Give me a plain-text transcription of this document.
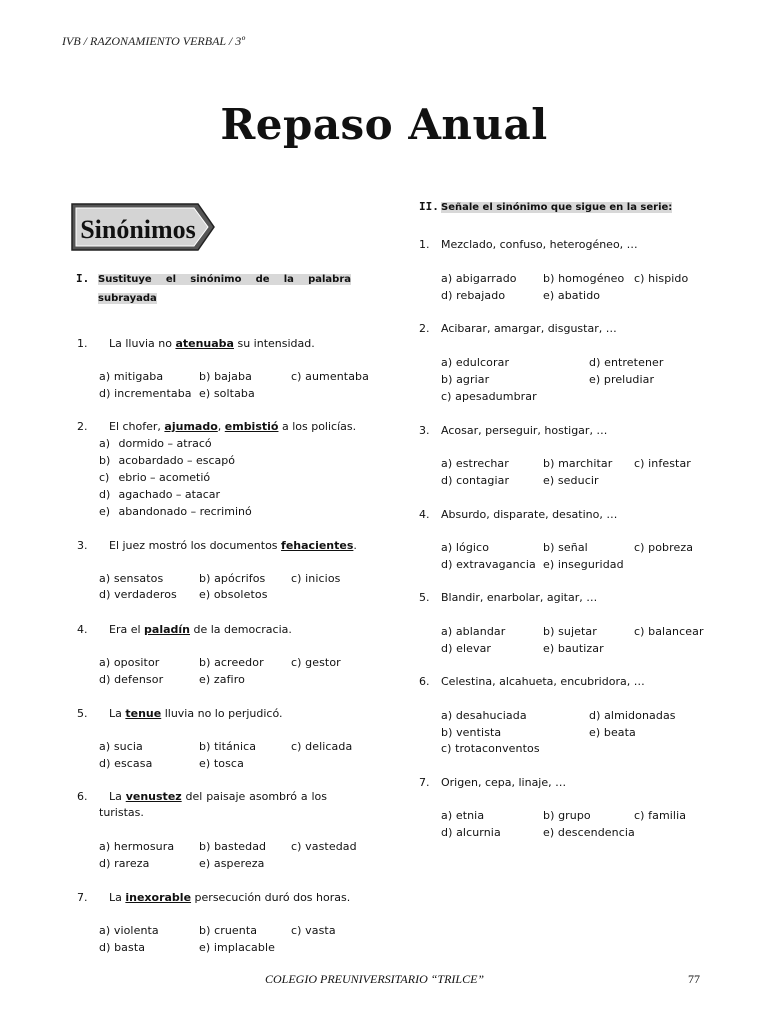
IVB / RAZONAMIENTO VERBAL / 3º
Repaso Anual
Sinónimos
I. Sustituye el sinónimo de la palabra
subrayada
II. Señale el sinónimo que sigue en la serie:
1. La lluvia no atenuaba su intensidad.
a) mitigaba	b) bajaba	c) aumentaba
d) incrementaba e) soltaba
2. El chofer, ajumado, embistió a los policías.
a) dormido – atracó
b) acobardado – escapó
c) ebrio – acometió
d) agachado – atacar
e) abandonado – recriminó
3. El juez mostró los documentos fehacientes.
a) sensatos	b) apócrifos c) inicios
d) verdaderos e) obsoletos
4. Era el paladín de la democracia.
a) opositor	b) acreedor c) gestor
d) defensor	e) zafiro
5. La tenue lluvia no lo perjudicó.
a) sucia	b) titánica	c) delicada
d) escasa	e) tosca
6. La venustez del paisaje asombró a los
turistas.
a) hermosura b) bastedad c) vastedad
d) rareza	e) aspereza
7. La inexorable persecución duró dos horas.
a) violenta	b) cruenta	c) vasta
d) basta	e) implacable
1. Mezclado, confuso, heterogéneo, …
a) abigarrado b) homogéneo c) hispido
d) rebajado	e) abatido
2. Acibarar, amargar, disgustar, …
a) edulcorar	d) entretener
b) agriar	e) preludiar
c) apesadumbrar
3. Acosar, perseguir, hostigar, …
a) estrechar	b) marchitar c) infestar
d) contagiar	e) seducir
4. Absurdo, disparate, desatino, …
a) lógico	b) señal	c) pobreza
d) extravagancia e) inseguridad
5. Blandir, enarbolar, agitar, …
a) ablandar	b) sujetar	c) balancear
d) elevar	e) bautizar
6. Celestina, alcahueta, encubridora, …
a) desahuciada	d) almidonadas
b) ventista	e) beata
c) trotaconventos
7. Origen, cepa, linaje, …
a) etnia	b) grupo	c) familia
d) alcurnia	e) descendencia
COLEGIO PREUNIVERSITARIO “TRILCE”	77
